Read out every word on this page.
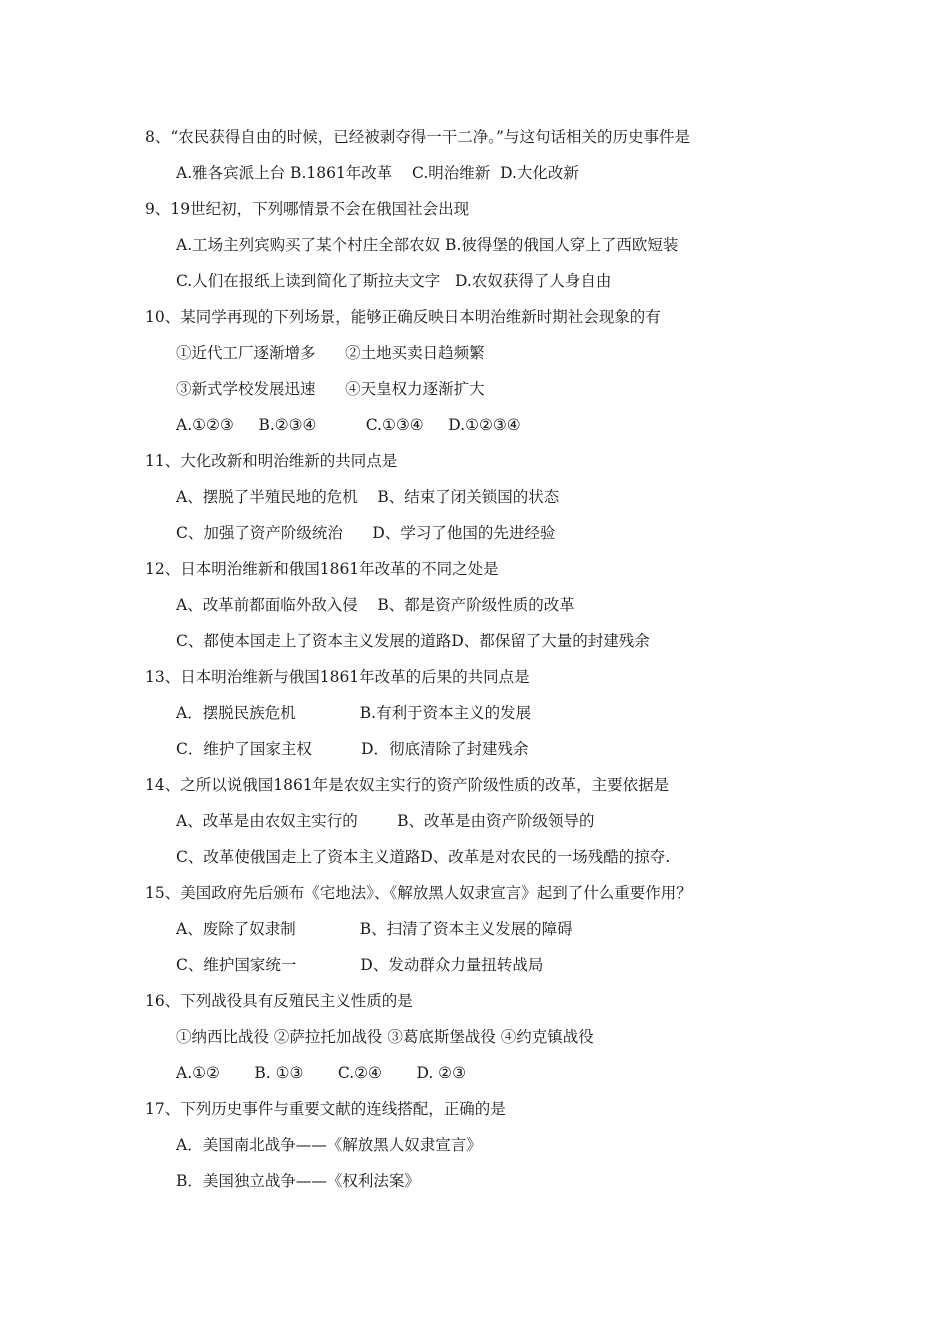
8、“农民获得自由的时候，已经被剥夺得一干二净。”与这句话相关的历史事件是
A.雅各宾派上台 B.1861年改革    C.明治维新  D.大化改新
9、19世纪初，下列哪情景不会在俄国社会出现
A.工场主列宾购买了某个村庄全部农奴 B.彼得堡的俄国人穿上了西欧短装
C.人们在报纸上读到简化了斯拉夫文字   D.农奴获得了人身自由
10、某同学再现的下列场景，能够正确反映日本明治维新时期社会现象的有
①近代工厂逐渐增多      ②土地买卖日趋频繁
③新式学校发展迅速      ④天皇权力逐渐扩大
A.①②③     B.②③④          C.①③④     D.①②③④
11、大化改新和明治维新的共同点是
A、摆脱了半殖民地的危机    B、结束了闭关锁国的状态
C、加强了资产阶级统治      D、学习了他国的先进经验
12、日本明治维新和俄国1861年改革的不同之处是
A、改革前都面临外敌入侵    B、都是资产阶级性质的改革
C、都使本国走上了资本主义发展的道路D、都保留了大量的封建残余
13、日本明治维新与俄国1861年改革的后果的共同点是
A．摆脱民族危机             B.有利于资本主义的发展
C．维护了国家主权          D．彻底清除了封建残余
14、之所以说俄国1861年是农奴主实行的资产阶级性质的改革，主要依据是
A、改革是由农奴主实行的        B、改革是由资产阶级领导的
C、改革使俄国走上了资本主义道路D、改革是对农民的一场残酷的掠夺.
15、美国政府先后颁布《宅地法》、《解放黑人奴隶宣言》起到了什么重要作用？
A、废除了奴隶制             B、扫清了资本主义发展的障碍
C、维护国家统一             D、发动群众力量扭转战局
16、下列战役具有反殖民主义性质的是
①纳西比战役 ②萨拉托加战役 ③葛底斯堡战役 ④约克镇战役
A.①②       B. ①③       C.②④       D. ②③
17、下列历史事件与重要文献的连线搭配，正确的是
A．美国南北战争——《解放黑人奴隶宣言》
B．美国独立战争——《权利法案》
